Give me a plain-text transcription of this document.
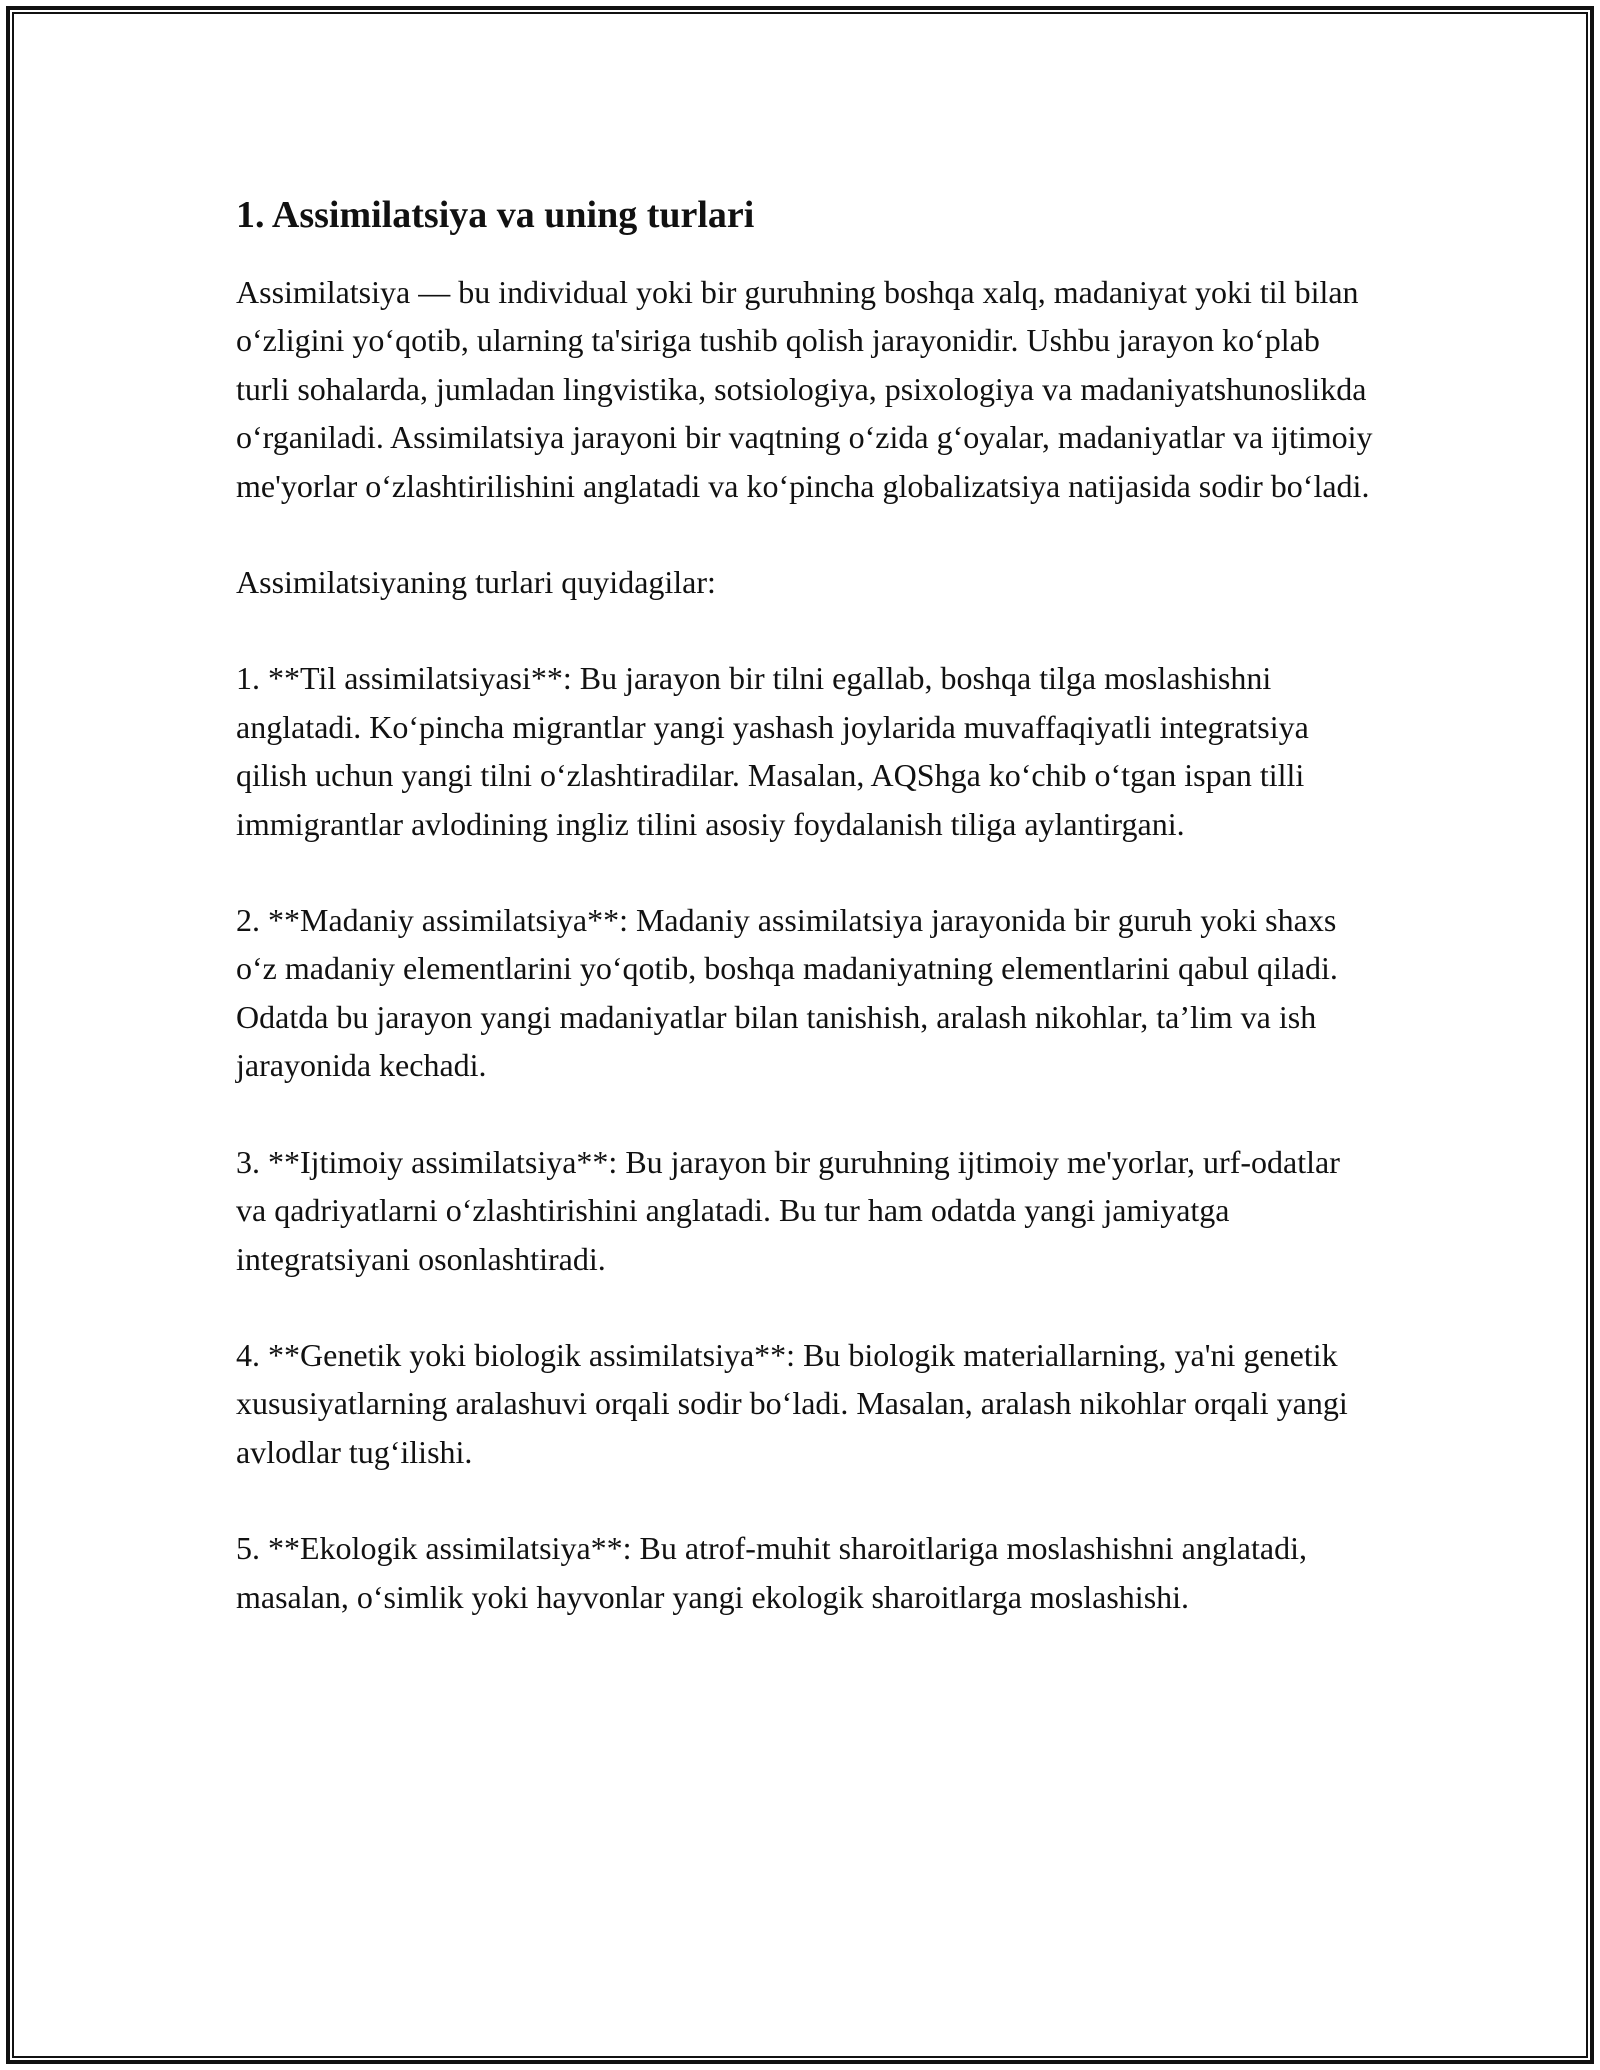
1. Assimilatsiya va uning turlari

Assimilatsiya — bu individual yoki bir guruhning boshqa xalq, madaniyat yoki til bilan o‘zligini yo‘qotib, ularning ta'siriga tushib qolish jarayonidir. Ushbu jarayon ko‘plab turli sohalarda, jumladan lingvistika, sotsiologiya, psixologiya va madaniyatshunoslikda o‘rganiladi. Assimilatsiya jarayoni bir vaqtning o‘zida g‘oyalar, madaniyatlar va ijtimoiy me'yorlar o‘zlashtirilishini anglatadi va ko‘pincha globalizatsiya natijasida sodir bo‘ladi.

Assimilatsiyaning turlari quyidagilar:

1. **Til assimilatsiyasi**: Bu jarayon bir tilni egallab, boshqa tilga moslashishni anglatadi. Ko‘pincha migrantlar yangi yashash joylarida muvaffaqiyatli integratsiya qilish uchun yangi tilni o‘zlashtiradilar. Masalan, AQShga ko‘chib o‘tgan ispan tilli immigrantlar avlodining ingliz tilini asosiy foydalanish tiliga aylantirgani.

2. **Madaniy assimilatsiya**: Madaniy assimilatsiya jarayonida bir guruh yoki shaxs o‘z madaniy elementlarini yo‘qotib, boshqa madaniyatning elementlarini qabul qiladi. Odatda bu jarayon yangi madaniyatlar bilan tanishish, aralash nikohlar, ta’lim va ish jarayonida kechadi.

3. **Ijtimoiy assimilatsiya**: Bu jarayon bir guruhning ijtimoiy me'yorlar, urf-odatlar va qadriyatlarni o‘zlashtirishini anglatadi. Bu tur ham odatda yangi jamiyatga integratsiyani osonlashtiradi.

4. **Genetik yoki biologik assimilatsiya**: Bu biologik materiallarning, ya'ni genetik xususiyatlarning aralashuvi orqali sodir bo‘ladi. Masalan, aralash nikohlar orqali yangi avlodlar tug‘ilishi.

5. **Ekologik assimilatsiya**: Bu atrof-muhit sharoitlariga moslashishni anglatadi, masalan, o‘simlik yoki hayvonlar yangi ekologik sharoitlarga moslashishi.
